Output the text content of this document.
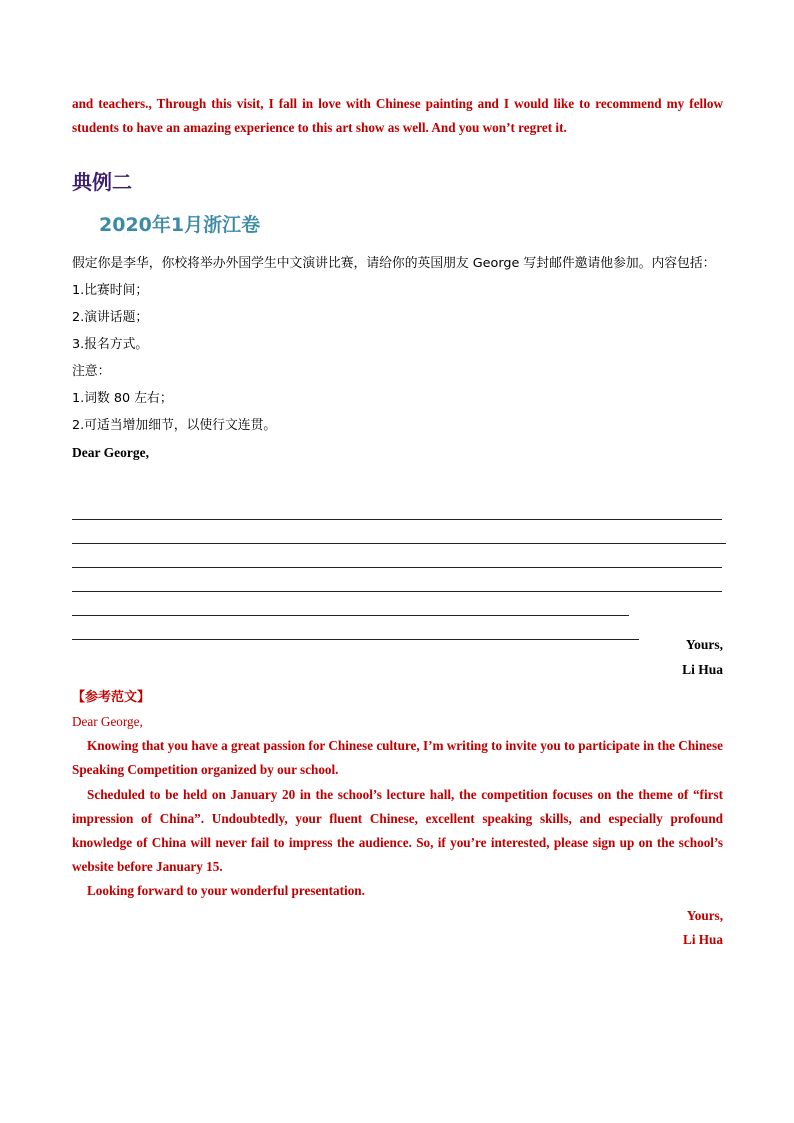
and teachers., Through this visit, I fall in love with Chinese painting and I would like to recommend my fellow students to have an amazing experience to this art show as well. And you won’t regret it.
典例二
2020年1月浙江卷

假定你是李华，你校将举办外国学生中文演讲比赛，请给你的英国朋友 George 写封邮件邀请他参加。内容包括：

1.比赛时间；

2.演讲话题；

3.报名方式。

注意：

1.词数 80 左右；

2.可适当增加细节，以使行文连贯。

Dear George,

Yours,
Li Hua
【参考范文】

Dear George,

Knowing that you have a great passion for Chinese culture, I’m writing to invite you to participate in the Chinese Speaking Competition organized by our school.

Scheduled to be held on January 20 in the school’s lecture hall, the competition focuses on the theme of “first impression of China”. Undoubtedly, your fluent Chinese, excellent speaking skills, and especially profound knowledge of China will never fail to impress the audience. So, if you’re interested, please sign up on the school’s website before January 15.

Looking forward to your wonderful presentation.

Yours,

Li Hua
